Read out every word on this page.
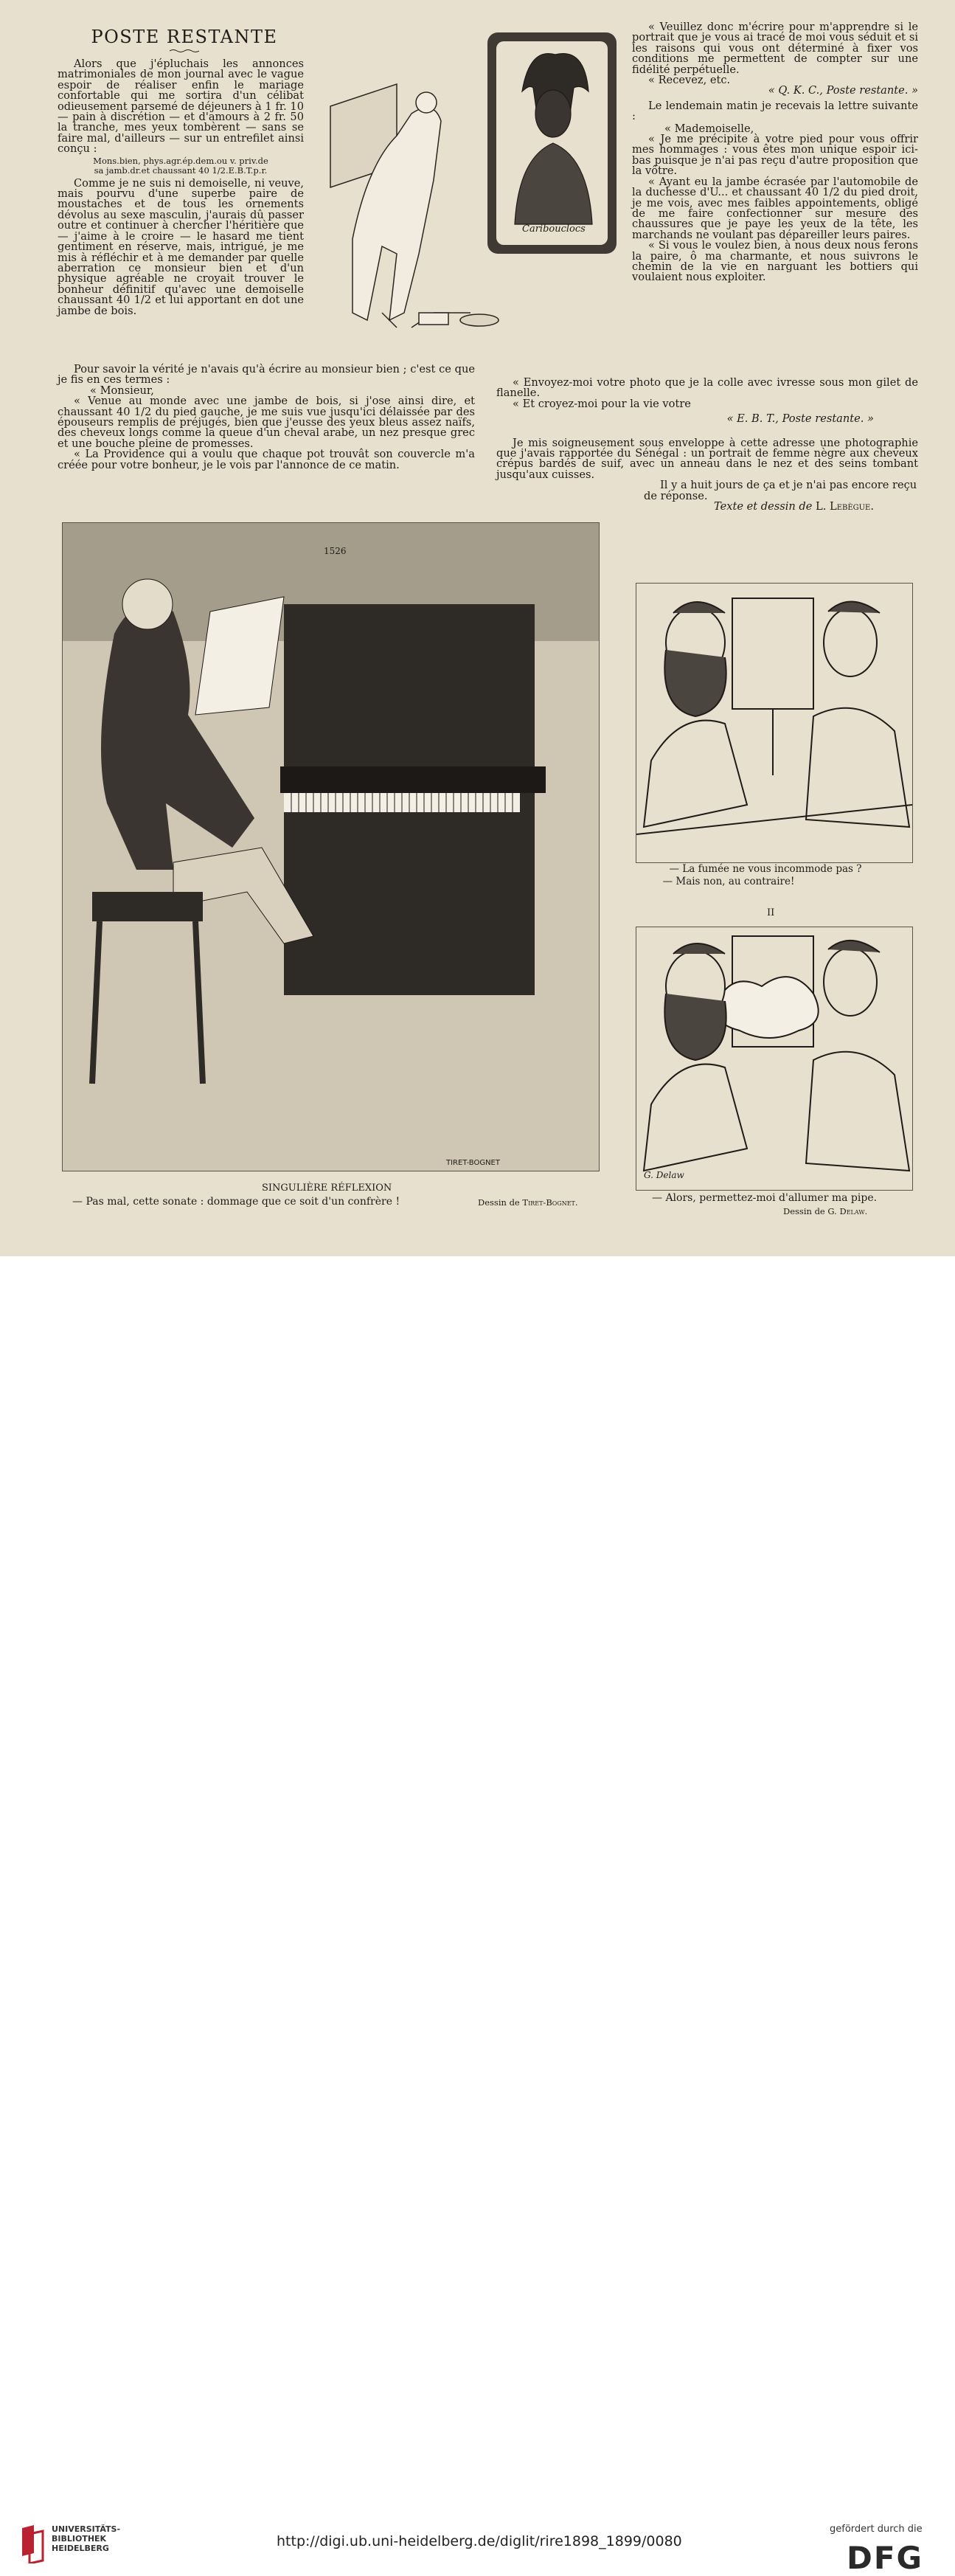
POSTE RESTANTE

Alors que j'épluchais les annonces matrimoniales de mon journal avec le vague espoir de réaliser enfin le mariage confortable qui me sortira d'un célibat odieusement parsemé de déjeuners à 1 fr. 10 — pain à discrétion — et d'amours à 2 fr. 50 la tranche, mes yeux tombèrent — sans se faire mal, d'ailleurs — sur un entrefilet ainsi conçu :

Mons.bien, phys.agr.ép.dem.ou v. priv.de

sa jamb.dr.et chaussant 40 1/2.E.B.T.p.r.

Comme je ne suis ni demoiselle, ni veuve, mais pourvu d'une superbe paire de moustaches et de tous les ornements dévolus au sexe masculin, j'aurais dû passer outre et continuer à chercher l'héritière que — j'aime à le croire — le hasard me tient gentiment en réserve, mais, intrigué, je me mis à réfléchir et à me demander par quelle aberration ce monsieur bien et d'un physique agréable ne croyait trouver le bonheur définitif qu'avec une demoiselle chaussant 40 1/2 et lui apportant en dot une jambe de bois.

Pour savoir la vérité je n'avais qu'à écrire au monsieur bien ; c'est ce que je fis en ces termes :

« Monsieur,

« Venue au monde avec une jambe de bois, si j'ose ainsi dire, et chaussant 40 1/2 du pied gauche, je me suis vue jusqu'ici délaissée par des épouseurs remplis de préjugés, bien que j'eusse des yeux bleus assez naïfs, des cheveux longs comme la queue d'un cheval arabe, un nez presque grec et une bouche pleine de promesses.

« La Providence qui a voulu que chaque pot trouvât son couvercle m'a créée pour votre bonheur, je le vois par l'annonce de ce matin.

Caribouclocs

« Veuillez donc m'écrire pour m'apprendre si le portrait que je vous ai tracé de moi vous séduit et si les raisons qui vous ont déterminé à fixer vos conditions me permettent de compter sur une fidélité perpétuelle.

« Recevez, etc.

« Q. K. C., Poste restante. »

Le lendemain matin je recevais la lettre suivante :

« Mademoiselle,

« Je me précipite à votre pied pour vous offrir mes hommages : vous êtes mon unique espoir ici-bas puisque je n'ai pas reçu d'autre proposition que la vôtre.

« Ayant eu la jambe écrasée par l'automobile de la duchesse d'U... et chaussant 40 1/2 du pied droit, je me vois, avec mes faibles appointements, obligé de me faire confectionner sur mesure des chaussures que je paye les yeux de la tête, les marchands ne voulant pas dépareiller leurs paires.

« Si vous le voulez bien, à nous deux nous ferons la paire, ô ma charmante, et nous suivrons le chemin de la vie en narguant les bottiers qui voulaient nous exploiter.

« Envoyez-moi votre photo que je la colle avec ivresse sous mon gilet de flanelle.

« Et croyez-moi pour la vie votre

« E. B. T., Poste restante. »

Je mis soigneusement sous enveloppe à cette adresse une photographie que j'avais rapportée du Sénégal : un portrait de femme nègre aux cheveux crépus bardés de suif, avec un anneau dans le nez et des seins tombant jusqu'aux cuisses.

Il y a huit jours de ça et je n'ai pas encore reçu de réponse.

Texte et dessin de L. Lebègue.

1526
TIRET-BOGNET
SINGULIÈRE RÉFLEXION
— Pas mal, cette sonate : dommage que ce soit d'un confrère !	Dessin de Tiret-Bognet.
— La fumée ne vous incommode pas ?
— Mais non, au contraire!
II
G. Delaw
— Alors, permettez-moi d'allumer ma pipe.
Dessin de G. Delaw.
UNIVERSITÄTS-
BIBLIOTHEK
HEIDELBERG	http://digi.ub.uni-heidelberg.de/diglit/rire1898_1899/0080
gefördert durch die
DFG
